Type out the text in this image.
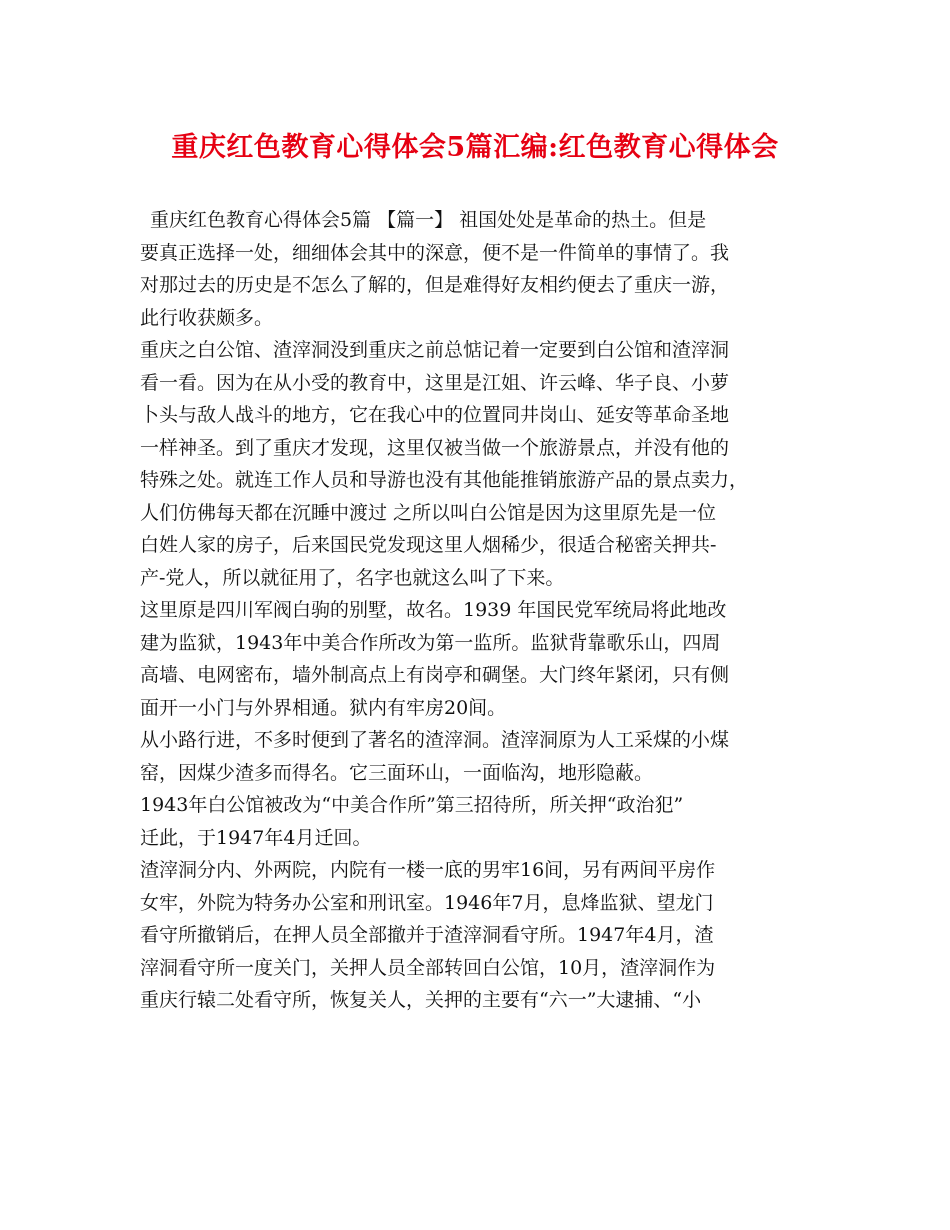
重庆红色教育心得体会5篇汇编:红色教育心得体会

重庆红色教育心得体会5篇 【篇一】 祖国处处是革命的热土。但是
要真正选择一处，细细体会其中的深意，便不是一件简单的事情了。我
对那过去的历史是不怎么了解的，但是难得好友相约便去了重庆一游，
此行收获颇多。

重庆之白公馆、渣滓洞没到重庆之前总惦记着一定要到白公馆和渣滓洞
看一看。因为在从小受的教育中，这里是江姐、许云峰、华子良、小萝
卜头与敌人战斗的地方，它在我心中的位置同井岗山、延安等革命圣地
一样神圣。到了重庆才发现，这里仅被当做一个旅游景点，并没有他的
特殊之处。就连工作人员和导游也没有其他能推销旅游产品的景点卖力，
人们仿佛每天都在沉睡中渡过 之所以叫白公馆是因为这里原先是一位
白姓人家的房子，后来国民党发现这里人烟稀少，很适合秘密关押共-
产-党人，所以就征用了，名字也就这么叫了下来。

这里原是四川军阀白驹的别墅，故名。1939 年国民党军统局将此地改
建为监狱，1943年中美合作所改为第一监所。监狱背靠歌乐山，四周
高墙、电网密布，墙外制高点上有岗亭和碉堡。大门终年紧闭，只有侧
面开一小门与外界相通。狱内有牢房20间。

从小路行进，不多时便到了著名的渣滓洞。渣滓洞原为人工采煤的小煤
窑，因煤少渣多而得名。它三面环山，一面临沟，地形隐蔽。

1943年白公馆被改为“中美合作所”第三招待所，所关押“政治犯”
迁此，于1947年4月迁回。

渣滓洞分内、外两院，内院有一楼一底的男牢16间，另有两间平房作
女牢，外院为特务办公室和刑讯室。1946年7月，息烽监狱、望龙门
看守所撤销后，在押人员全部撤并于渣滓洞看守所。1947年4月，渣
滓洞看守所一度关门，关押人员全部转回白公馆，10月，渣滓洞作为
重庆行辕二处看守所，恢复关人，关押的主要有“六一”大逮捕、“小
